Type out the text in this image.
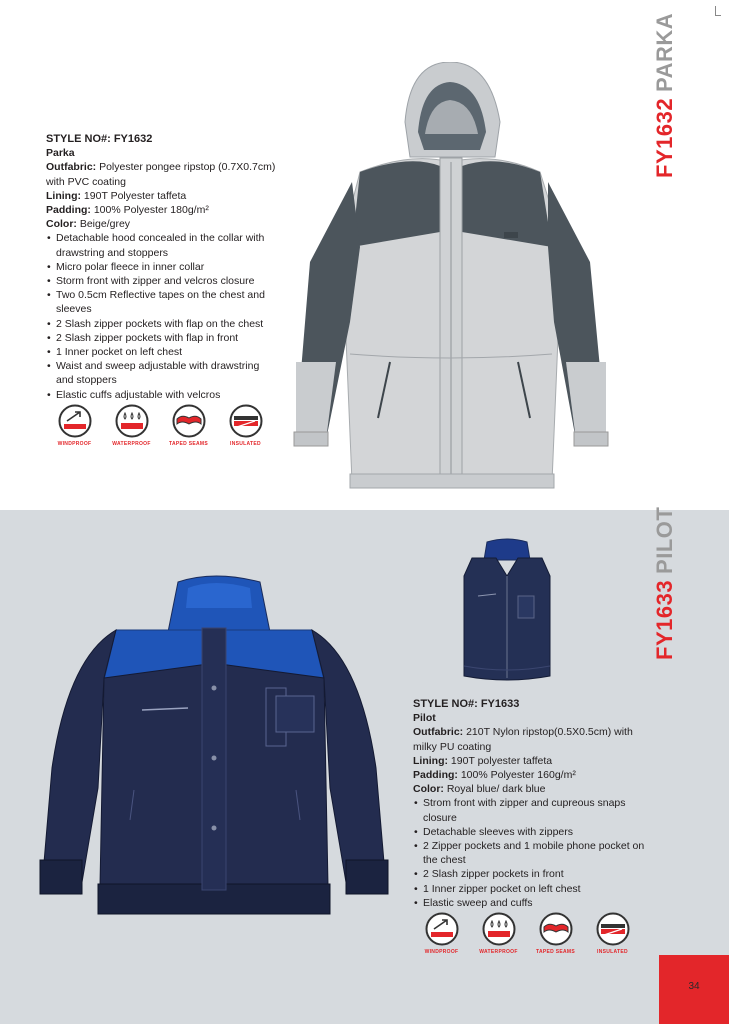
FY1632PARKA
STYLE NO#: FY1632
Parka
Outfabric: Polyester pongee ripstop (0.7X0.7cm) with PVC coating
Lining: 190T Polyester taffeta
Padding: 100% Polyester 180g/m²
Color: Beige/grey
• Detachable hood concealed in the collar with drawstring and stoppers
• Micro polar fleece in inner collar
• Storm front with zipper and velcros closure
• Two 0.5cm Reflective tapes on the chest and sleeves
• 2 Slash zipper pockets with flap on the chest
• 2 Slash zipper pockets with flap in front
• 1 Inner pocket on left chest
• Waist and sweep adjustable with drawstring and stoppers
• Elastic cuffs adjustable with velcros
WINDPROOF	WATERPROOF	TAPED SEAMS	INSULATED
FY1633PILOT
STYLE NO#: FY1633
Pilot
Outfabric: 210T Nylon ripstop(0.5X0.5cm) with milky PU coating
Lining: 190T polyester taffeta
Padding: 100% Polyester 160g/m²
Color: Royal blue/ dark blue
• Strom front with zipper and cupreous snaps closure
• Detachable sleeves with zippers
• 2 Zipper pockets and 1 mobile phone pocket on the chest
• 2 Slash zipper pockets in front
• 1 Inner zipper pocket on left chest
• Elastic sweep and cuffs
WINDPROOF	WATERPROOF	TAPED SEAMS	INSULATED
34
